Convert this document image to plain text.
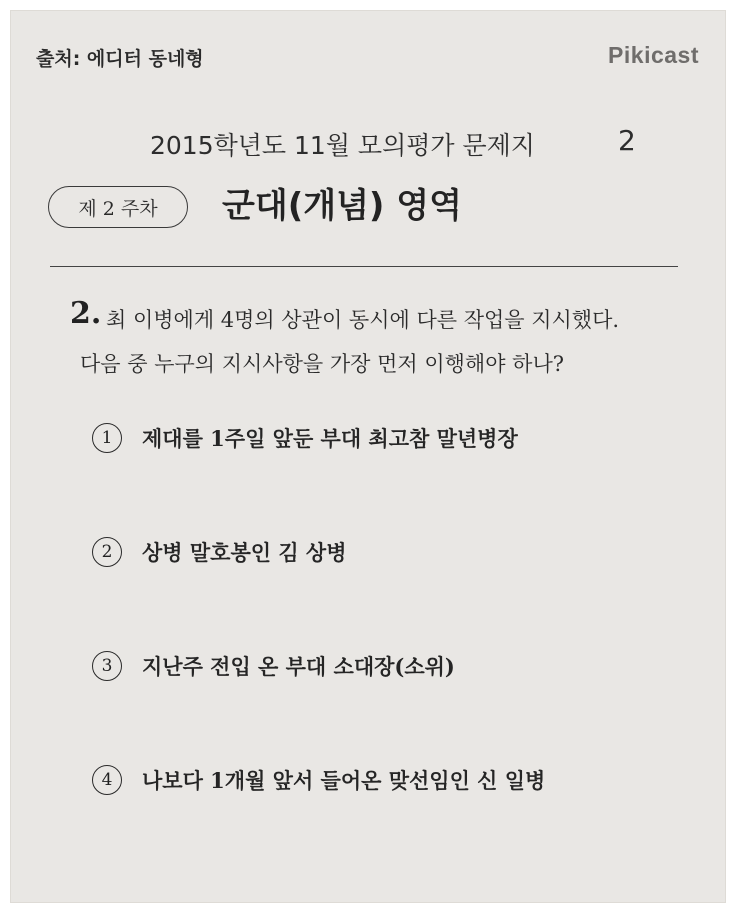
출처: 에디터 동네형	Pikicast
2015학년도 11월 모의평가 문제지	2
제 2 주차 군대(개념) 영역
2. 최 이병에게 4명의 상관이 동시에 다른 작업을 지시했다.
다음 중 누구의 지시사항을 가장 먼저 이행해야 하나?
1	제대를 1주일 앞둔 부대 최고참 말년병장
2	상병 말호봉인 김 상병
3	지난주 전입 온 부대 소대장(소위)
4	나보다 1개월 앞서 들어온 맞선임인 신 일병
